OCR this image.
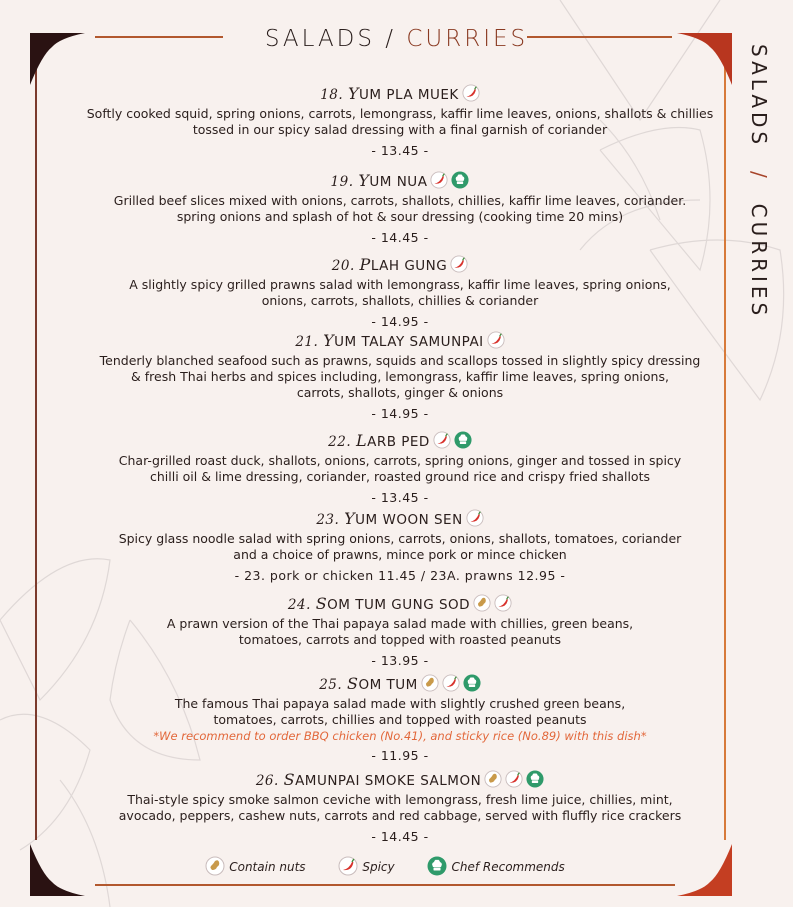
SALADS / CURRIES
SALADS / CURRIES
18. YUM PLA MUEK
Softly cooked squid, spring onions, carrots, lemongrass, kaffir lime leaves, onions, shallots & chillies
tossed in our spicy salad dressing with a final garnish of coriander
- 13.45 -
19. YUM NUA
Grilled beef slices mixed with onions, carrots, shallots, chillies, kaffir lime leaves, coriander.
spring onions and splash of hot & sour dressing (cooking time 20 mins)
- 14.45 -
20. PLAH GUNG
A slightly spicy grilled prawns salad with lemongrass, kaffir lime leaves, spring onions,
onions, carrots, shallots, chillies & coriander
- 14.95 -
21. YUM TALAY SAMUNPAI
Tenderly blanched seafood such as prawns, squids and scallops tossed in slightly spicy dressing
& fresh Thai herbs and spices including, lemongrass, kaffir lime leaves, spring onions,
carrots, shallots, ginger & onions
- 14.95 -
22. LARB PED
Char-grilled roast duck, shallots, onions, carrots, spring onions, ginger and tossed in spicy
chilli oil & lime dressing, coriander, roasted ground rice and crispy fried shallots
- 13.45 -
23. YUM WOON SEN
Spicy glass noodle salad with spring onions, carrots, onions, shallots, tomatoes, coriander
and a choice of prawns, mince pork or mince chicken
- 23. pork or chicken 11.45 / 23A. prawns 12.95 -
24. SOM TUM GUNG SOD
A prawn version of the Thai papaya salad made with chillies, green beans,
tomatoes, carrots and topped with roasted peanuts
- 13.95 -
25. SOM TUM
The famous Thai papaya salad made with slightly crushed green beans,
tomatoes, carrots, chillies and topped with roasted peanuts
*We recommend to order BBQ chicken (No.41), and sticky rice (No.89) with this dish*
- 11.95 -
26. SAMUNPAI SMOKE SALMON
Thai-style spicy smoke salmon ceviche with lemongrass, fresh lime juice, chillies, mint,
avocado, peppers, cashew nuts, carrots and red cabbage, served with fluffly rice crackers
- 14.45 -
Contain nuts	Spicy	Chef Recommends
